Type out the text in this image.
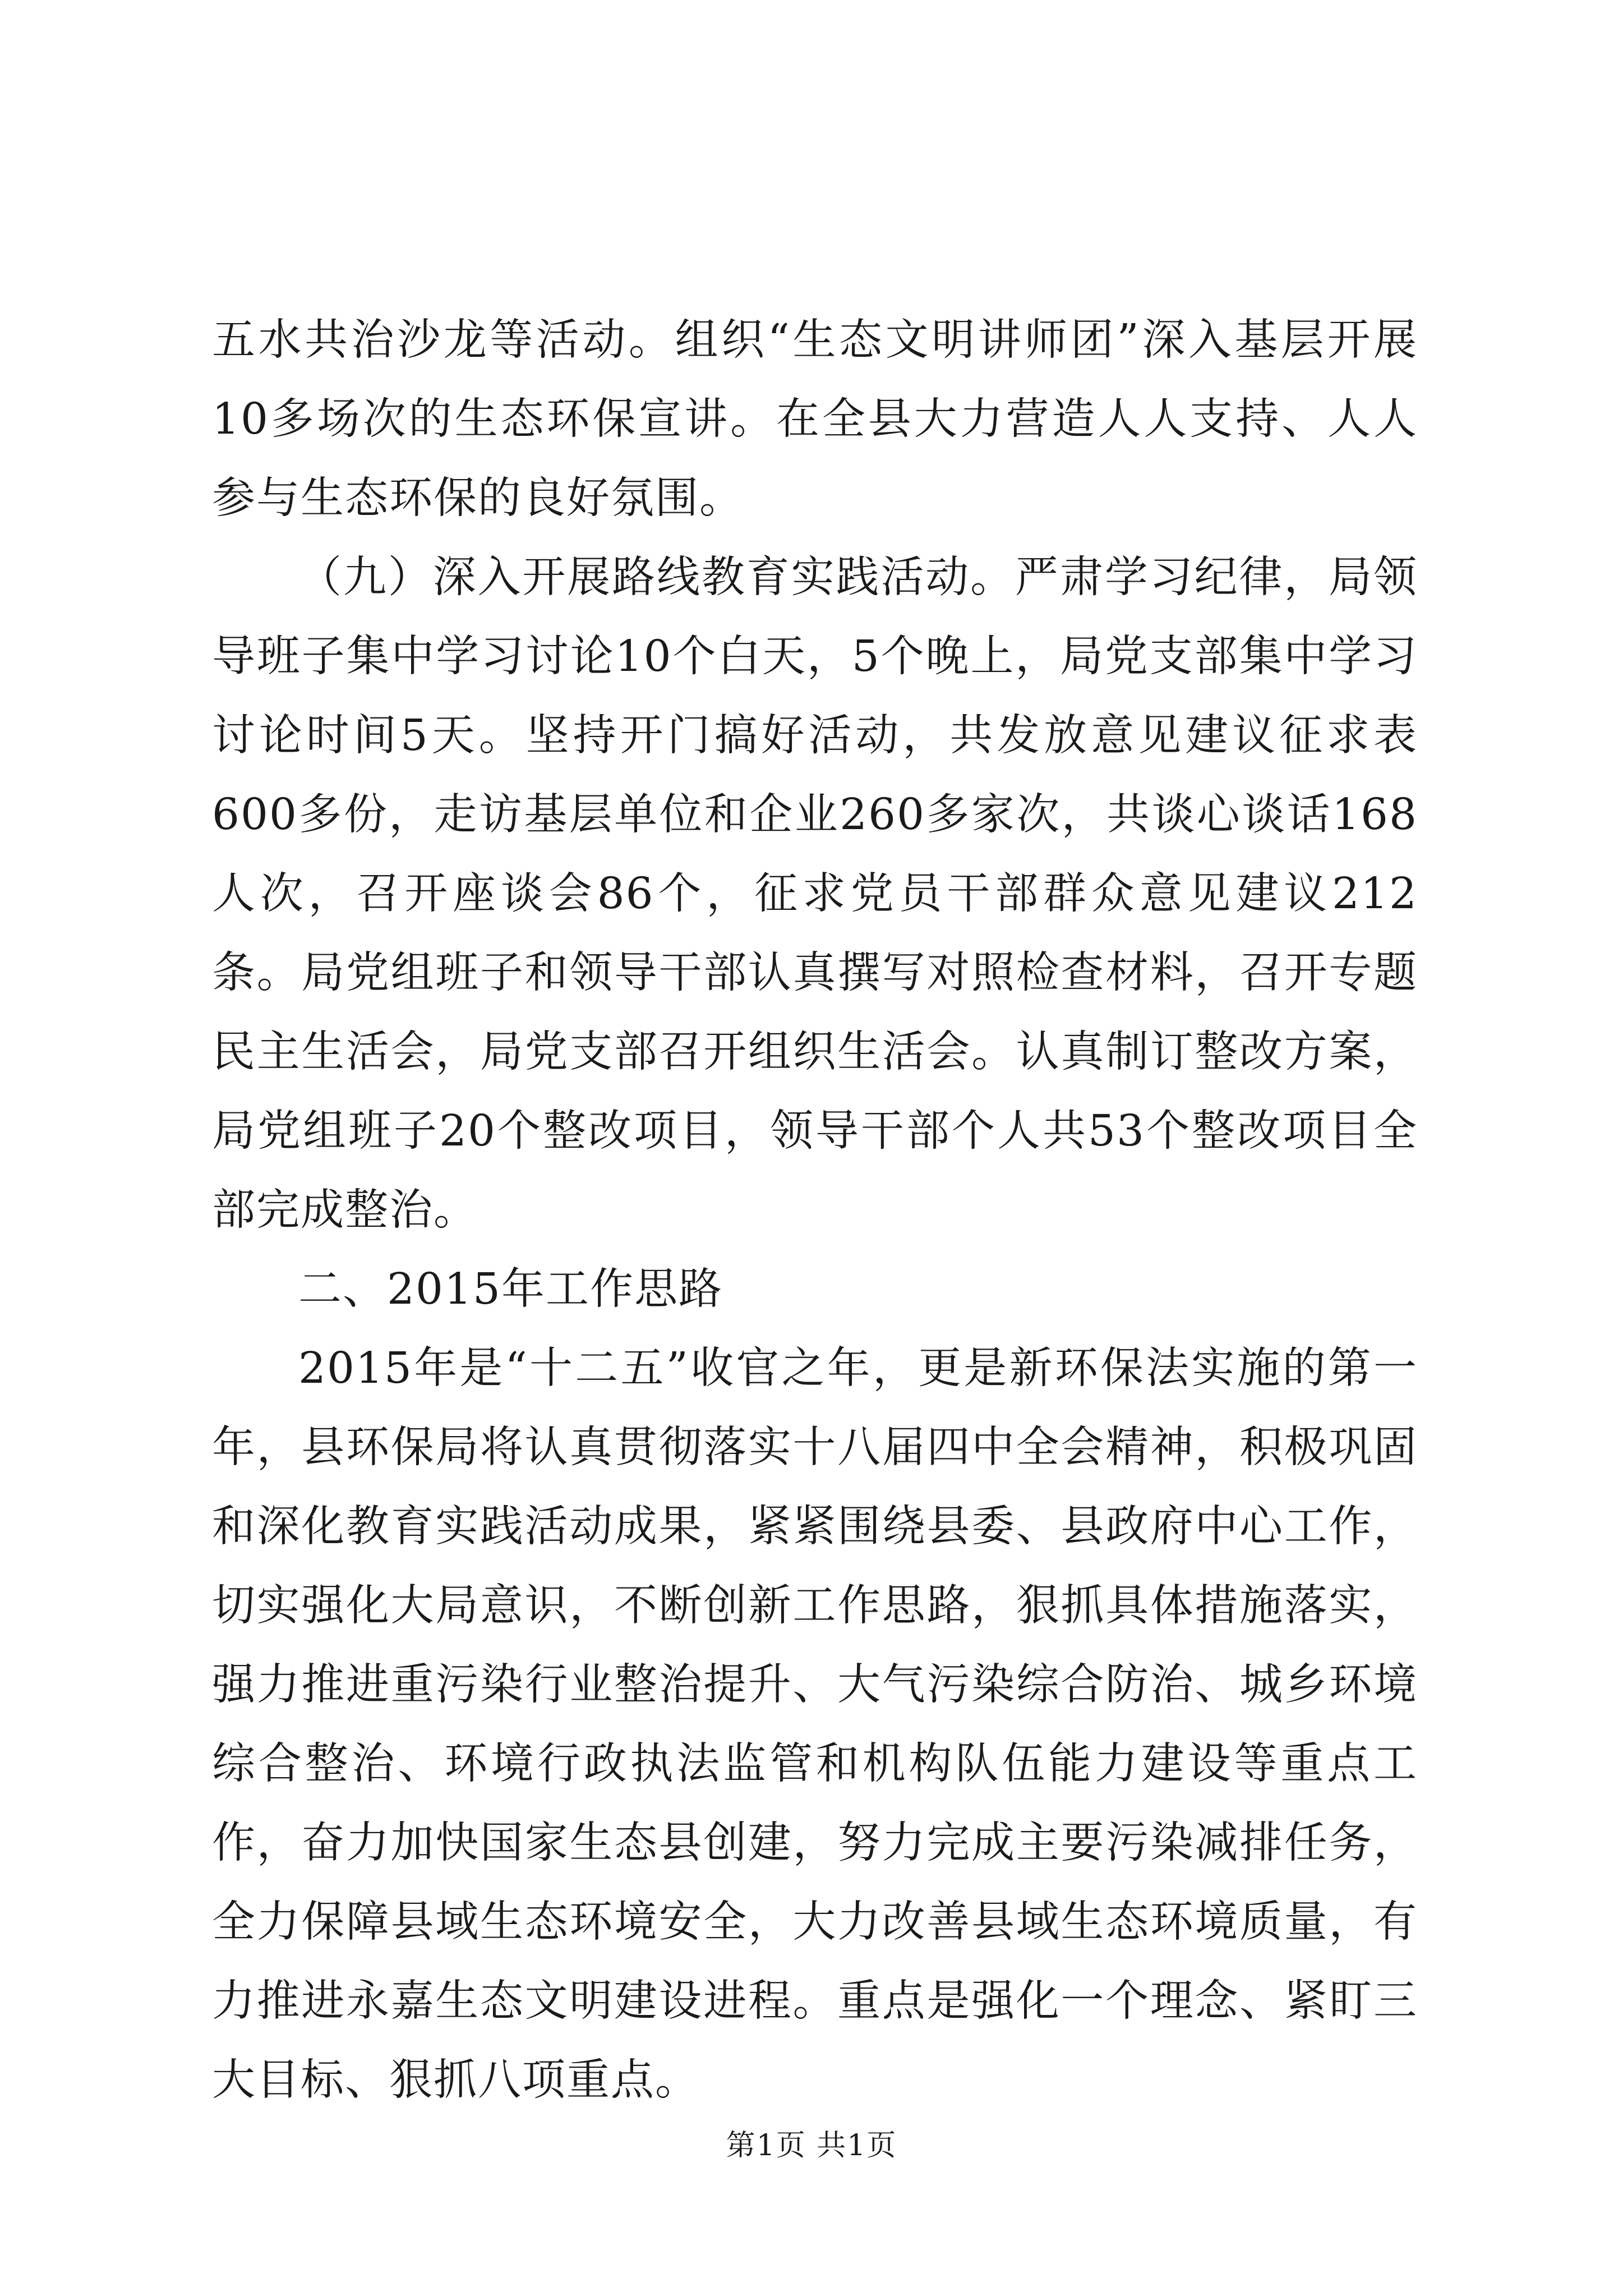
五水共治沙龙等活动。组织“生态文明讲师团”深入基层开展10多场次的生态环保宣讲。在全县大力营造人人支持、人人参与生态环保的良好氛围。

（九）深入开展路线教育实践活动。严肃学习纪律，局领导班子集中学习讨论10个白天，5个晚上，局党支部集中学习讨论时间5天。坚持开门搞好活动，共发放意见建议征求表600多份，走访基层单位和企业260多家次，共谈心谈话168人次，召开座谈会86个，征求党员干部群众意见建议212条。局党组班子和领导干部认真撰写对照检查材料，召开专题民主生活会，局党支部召开组织生活会。认真制订整改方案，局党组班子20个整改项目，领导干部个人共53个整改项目全部完成整治。

二、2015年工作思路

2015年是“十二五”收官之年，更是新环保法实施的第一年，县环保局将认真贯彻落实十八届四中全会精神，积极巩固和深化教育实践活动成果，紧紧围绕县委、县政府中心工作，切实强化大局意识，不断创新工作思路，狠抓具体措施落实，强力推进重污染行业整治提升、大气污染综合防治、城乡环境综合整治、环境行政执法监管和机构队伍能力建设等重点工作，奋力加快国家生态县创建，努力完成主要污染减排任务，全力保障县域生态环境安全，大力改善县域生态环境质量，有力推进永嘉生态文明建设进程。重点是强化一个理念、紧盯三大目标、狠抓八项重点。

第1页 共1页
